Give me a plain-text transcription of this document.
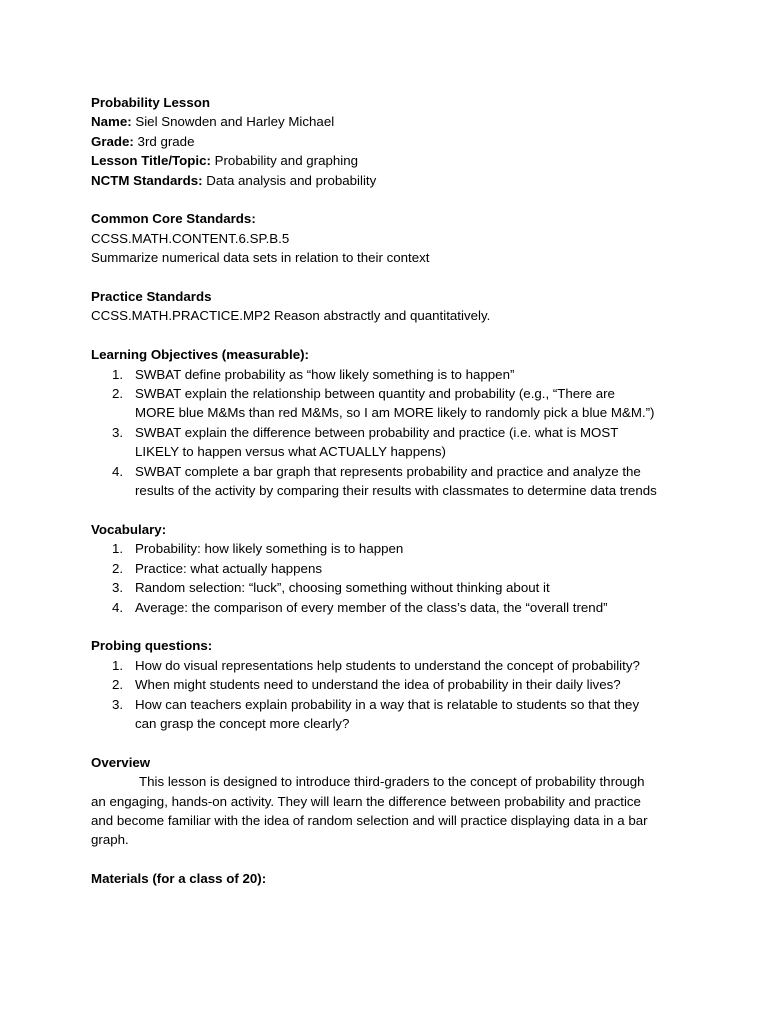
Probability Lesson
Name: Siel Snowden and Harley Michael
Grade: 3rd grade
Lesson Title/Topic: Probability and graphing
NCTM Standards: Data analysis and probability
Common Core Standards:
CCSS.MATH.CONTENT.6.SP.B.5
Summarize numerical data sets in relation to their context
Practice Standards
CCSS.MATH.PRACTICE.MP2 Reason abstractly and quantitatively.
Learning Objectives (measurable):
1. SWBAT define probability as “how likely something is to happen”
2. SWBAT explain the relationship between quantity and probability (e.g., “There are
MORE blue M&Ms than red M&Ms, so I am MORE likely to randomly pick a blue M&M.”)
3. SWBAT explain the difference between probability and practice (i.e. what is MOST
LIKELY to happen versus what ACTUALLY happens)
4. SWBAT complete a bar graph that represents probability and practice and analyze the
results of the activity by comparing their results with classmates to determine data trends
Vocabulary:
1. Probability: how likely something is to happen
2. Practice: what actually happens
3. Random selection: “luck”, choosing something without thinking about it
4. Average: the comparison of every member of the class’s data, the “overall trend”
Probing questions:
1. How do visual representations help students to understand the concept of probability?
2. When might students need to understand the idea of probability in their daily lives?
3. How can teachers explain probability in a way that is relatable to students so that they
can grasp the concept more clearly?
Overview
This lesson is designed to introduce third-graders to the concept of probability through
an engaging, hands-on activity. They will learn the difference between probability and practice
and become familiar with the idea of random selection and will practice displaying data in a bar
graph.
Materials (for a class of 20):
